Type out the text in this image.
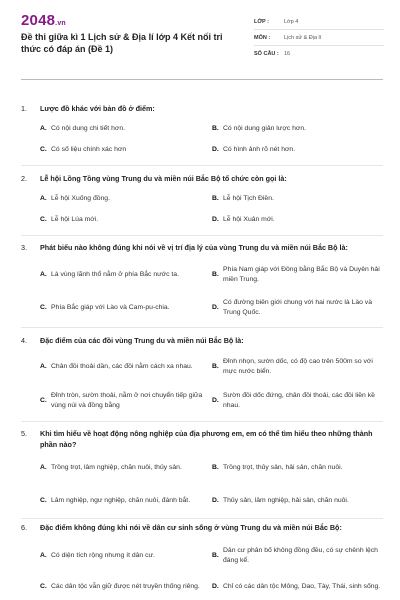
2048.vn
Đề thi giữa kì 1 Lịch sử & Địa lí lớp 4 Kết nối tri thức có đáp án (Đề 1)
LỚP :	Lớp 4
MÔN :	Lịch sử & Địa lí
SỐ CÂU : 16
1.	Lược đồ khác với bản đồ ở điểm:
A. Có nội dung chi tiết hơn.	B. Có nội dung giản lược hơn.
C. Có số liệu chính xác hơn	D. Có hình ảnh rõ nét hơn.
2.	Lễ hội Lồng Tồng vùng Trung du và miền núi Bắc Bộ tổ chức còn gọi là:
A. Lễ hội Xuống đồng.	B. Lễ hội Tịch Điền.
C. Lễ hội Lúa mới.	D. Lễ hội Xuân mới.
3.	Phát biểu nào không đúng khi nói về vị trí địa lý của vùng Trung du và miền núi Bắc Bộ là:
A. Là vùng lãnh thổ nằm ở phía Bắc nước ta.	B.
Phía Nam giáp với Đồng bằng Bắc Bộ và Duyên hải miền Trung.
C. Phía Bắc giáp với Lào và Cam-pu-chia.	D.
Có đường biên giới chung với hai nước là Lào và Trung Quốc.
4.	Đặc điểm của các đồi vùng Trung du và miền núi Bắc Bộ là:
A. Chân đồi thoải dần, các đồi nằm cách xa nhau.	B.
Đỉnh nhọn, sườn dốc, có độ cao trên 500m so với mực nước biển.
C.
Đỉnh tròn, sườn thoải, nằm ở nơi chuyển tiếp giữa vùng núi và đồng bằng
D.
Sườn đồi dốc đứng, chân đồi thoải, các đồi liền kề nhau.
5.	Khi tìm hiểu về hoạt động nông nghiệp của địa phương em, em có thể tìm hiểu theo những thành phần nào?
A. Trồng trọt, lâm nghiệp, chăn nuôi, thủy sản.	B. Trồng trọt, thủy sản, hải sản, chăn nuôi.
C. Lâm nghiệp, ngư nghiệp, chăn nuôi, đánh bắt.	D. Thủy sản, lâm nghiệp, hải sản, chăn nuôi.
6.	Đặc điểm không đúng khi nói về dân cư sinh sống ở vùng Trung du và miền núi Bắc Bộ:
A. Có diện tích rộng nhưng ít dân cư.	B.
Dân cư phân bố không đồng đều, có sự chênh lệch đáng kể.
C. Các dân tộc vẫn giữ được nét truyền thống riêng.	D. Chỉ có các dân tộc Mông, Dao, Tày, Thái, sinh sống.
